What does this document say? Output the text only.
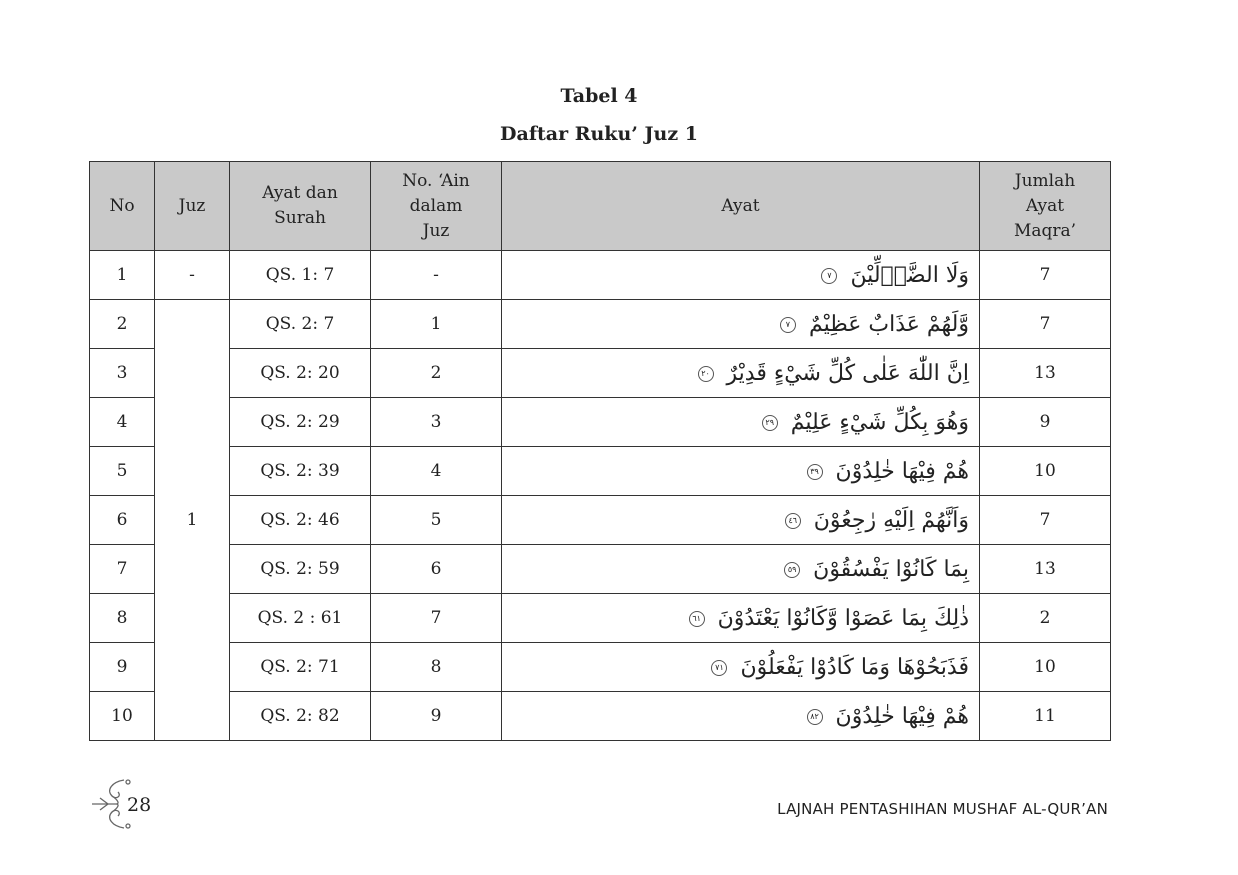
Tabel 4
Daftar Ruku’ Juz 1
No	Juz	Ayat dan Surah	No. ‘Ain dalam Juz	Ayat	Jumlah Ayat Maqra’

1	-	QS. 1: 7	-	وَلَا الضَّاۤلِّيْنَ ٧	7
2	1	QS. 2: 7	1	وَّلَهُمْ عَذَابٌ عَظِيْمٌ ٧	7
3		QS. 2: 20	2	اِنَّ اللّٰهَ عَلٰى كُلِّ شَيْءٍ قَدِيْرٌ ٢٠	13
4		QS. 2: 29	3	وَهُوَ بِكُلِّ شَيْءٍ عَلِيْمٌ ٢٩	9
5		QS. 2: 39	4	هُمْ فِيْهَا خٰلِدُوْنَ ٣٩	10
6		QS. 2: 46	5	وَاَنَّهُمْ اِلَيْهِ رٰجِعُوْنَ ٤٦	7
7		QS. 2: 59	6	بِمَا كَانُوْا يَفْسُقُوْنَ ٥٩	13
8		QS. 2 : 61	7	ذٰلِكَ بِمَا عَصَوْا وَّكَانُوْا يَعْتَدُوْنَ ٦١	2
9		QS. 2: 71	8	فَذَبَحُوْهَا وَمَا كَادُوْا يَفْعَلُوْنَ ٧١	10
10		QS. 2: 82	9	هُمْ فِيْهَا خٰلِدُوْنَ ٨٢	11
28	LAJNAH PENTASHIHAN MUSHAF AL-QUR’AN
